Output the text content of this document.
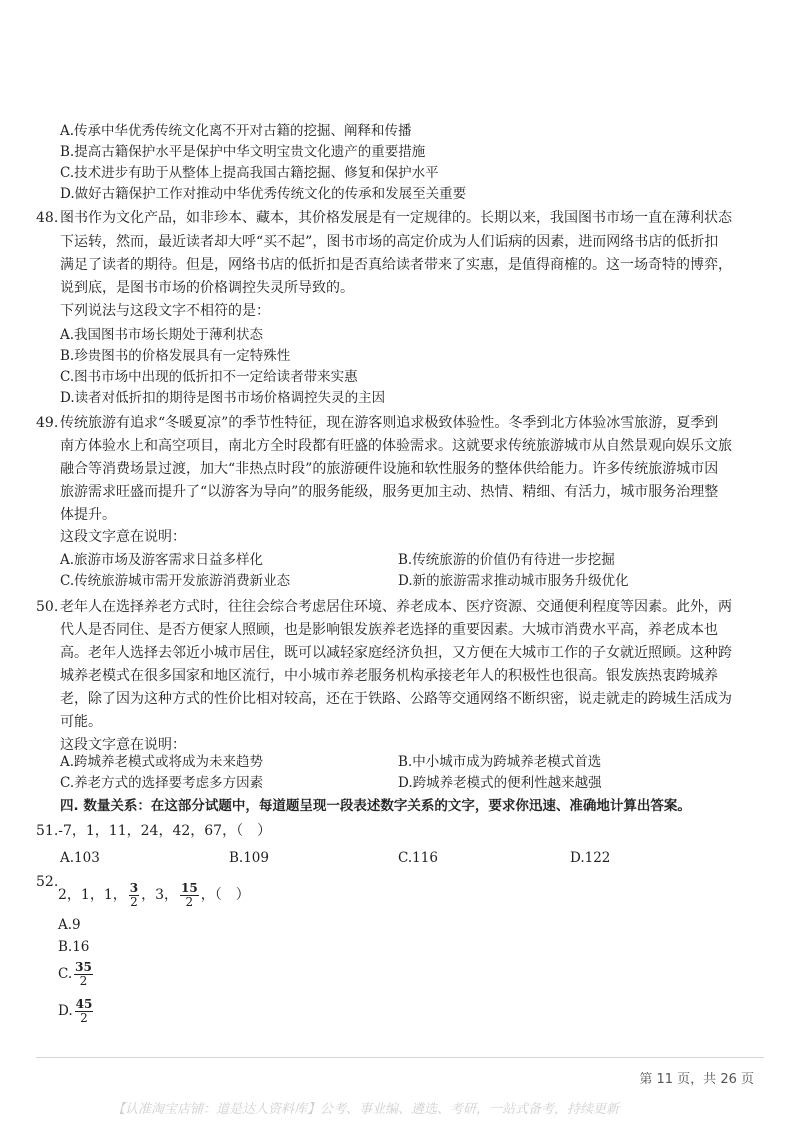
A.传承中华优秀传统文化离不开对古籍的挖掘、阐释和传播
B.提高古籍保护水平是保护中华文明宝贵文化遗产的重要措施
C.技术进步有助于从整体上提高我国古籍挖掘、修复和保护水平
D.做好古籍保护工作对推动中华优秀传统文化的传承和发展至关重要
48. 图书作为文化产品，如非珍本、藏本，其价格发展是有一定规律的。长期以来，我国图书市场一直在薄利状态
下运转，然而，最近读者却大呼“买不起”，图书市场的高定价成为人们诟病的因素，进而网络书店的低折扣
满足了读者的期待。但是，网络书店的低折扣是否真给读者带来了实惠，是值得商榷的。这一场奇特的博弈，
说到底，是图书市场的价格调控失灵所导致的。
下列说法与这段文字不相符的是：
A.我国图书市场长期处于薄利状态
B.珍贵图书的价格发展具有一定特殊性
C.图书市场中出现的低折扣不一定给读者带来实惠
D.读者对低折扣的期待是图书市场价格调控失灵的主因
49. 传统旅游有追求“冬暖夏凉”的季节性特征，现在游客则追求极致体验性。冬季到北方体验冰雪旅游，夏季到
南方体验水上和高空项目，南北方全时段都有旺盛的体验需求。这就要求传统旅游城市从自然景观向娱乐文旅
融合等消费场景过渡，加大“非热点时段”的旅游硬件设施和软性服务的整体供给能力。许多传统旅游城市因
旅游需求旺盛而提升了“以游客为导向”的服务能级，服务更加主动、热情、精细、有活力，城市服务治理整
体提升。
这段文字意在说明：
A.旅游市场及游客需求日益多样化	B.传统旅游的价值仍有待进一步挖掘
C.传统旅游城市需开发旅游消费新业态	D.新的旅游需求推动城市服务升级优化
50. 老年人在选择养老方式时，往往会综合考虑居住环境、养老成本、医疗资源、交通便利程度等因素。此外，两
代人是否同住、是否方便家人照顾，也是影响银发族养老选择的重要因素。大城市消费水平高，养老成本也
高。老年人选择去邻近小城市居住，既可以减轻家庭经济负担，又方便在大城市工作的子女就近照顾。这种跨
城养老模式在很多国家和地区流行，中小城市养老服务机构承接老年人的积极性也很高。银发族热衷跨城养
老，除了因为这种方式的性价比相对较高，还在于铁路、公路等交通网络不断织密，说走就走的跨城生活成为
可能。
这段文字意在说明：
A.跨城养老模式或将成为未来趋势	B.中小城市成为跨城养老模式首选
C.养老方式的选择要考虑多方因素	D.跨城养老模式的便利性越来越强
四. 数量关系：在这部分试题中，每道题呈现一段表述数字关系的文字，要求你迅速、准确地计算出答案。
51.-7，1，11，24，42，67，（　）
A.103	B.109	C.116	D.122
52.
2，1，1， $\frac{3}{2}$ ，3， $\frac{15}{2}$ ，（　）
A.9
B.16
C. $\frac{35}{2}$
D. $\frac{45}{2}$
第 11 页，共 26 页
【认准淘宝店铺：道是达人资料库】公考、事业编、遴选、考研，一站式备考，持续更新
